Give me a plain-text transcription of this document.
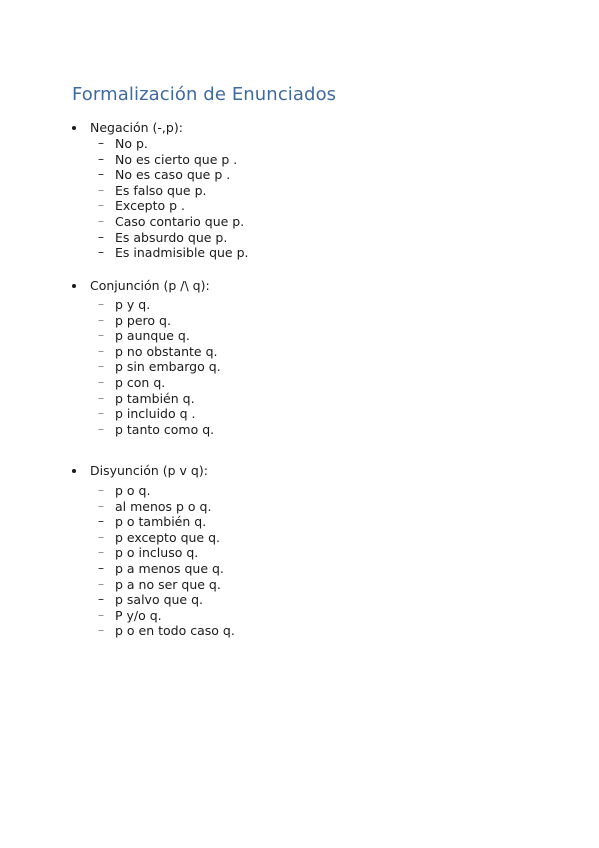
Formalización de Enunciados
Negación (-,p):
– No p.
– No es cierto que p .
– No es caso que p .
– Es falso que p.
– Excepto p .
– Caso contario que p.
– Es absurdo que p.
– Es inadmisible que p.
Conjunción (p /\ q):
– p y q.
– p pero q.
– p aunque q.
– p no obstante q.
– p sin embargo q.
– p con q.
– p también q.
– p incluido q .
– p tanto como q.
Disyunción (p v q):
– p o q.
– al menos p o q.
– p o también q.
– p excepto que q.
– p o incluso q.
– p a menos que q.
– p a no ser que q.
– p salvo que q.
– P y/o q.
– p o en todo caso q.
